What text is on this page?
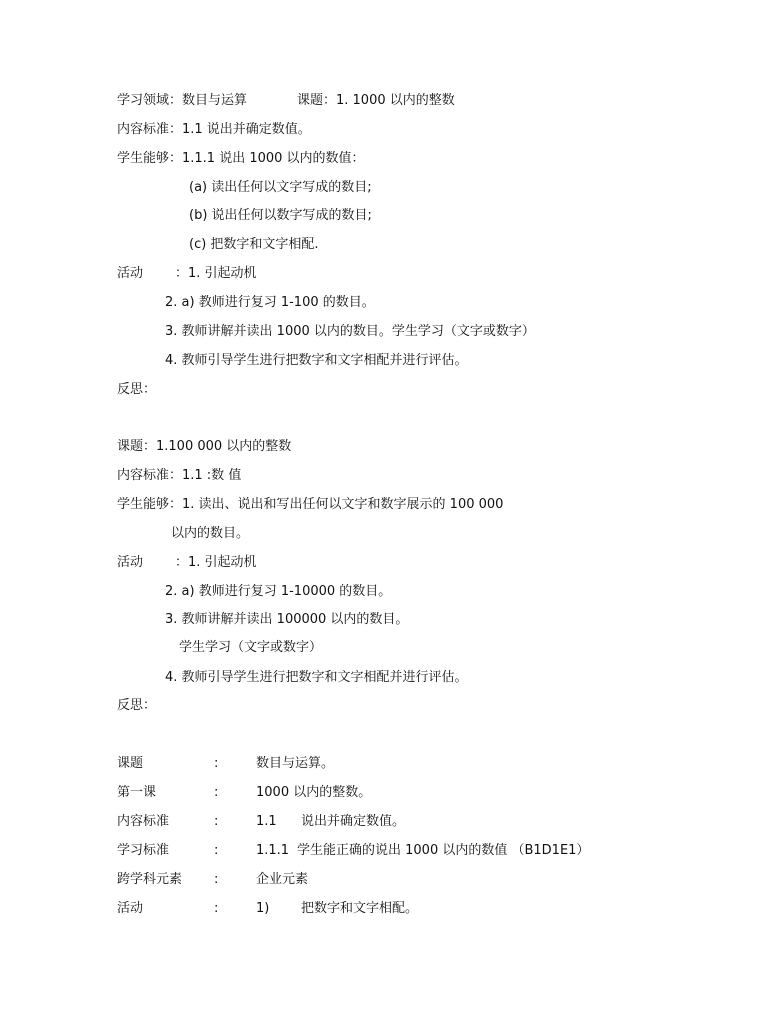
学习领域：数目与运算	课题：1. 1000 以内的整数
内容标准：1.1 说出并确定数值。
学生能够：1.1.1 说出 1000 以内的数值：
(a) 读出任何以文字写成的数目;
(b) 说出任何以数字写成的数目;
(c) 把数字和文字相配.
活动 ：1. 引起动机
2. a) 教师进行复习 1-100 的数目。
3. 教师讲解并读出 1000 以内的数目。学生学习（文字或数字）
4. 教师引导学生进行把数字和文字相配并进行评估。
反思：
课题：1.100 000 以内的整数
内容标准：1.1 :数 值
学生能够：1. 读出、说出和写出任何以文字和数字展示的 100 000
以内的数目。
活动 ：1. 引起动机
2. a) 教师进行复习 1-10000 的数目。
3. 教师讲解并读出 100000 以内的数目。
学生学习（文字或数字）
4. 教师引导学生进行把数字和文字相配并进行评估。
反思：
课题	:	数目与运算。
第一课	:	1000 以内的整数。
内容标准	:	1.1 说出并确定数值。
学习标准	:	1.1.1 学生能正确的说出 1000 以内的数值 （B1D1E1）
跨学科元素 :	企业元素
活动	:	1) 把数字和文字相配。
